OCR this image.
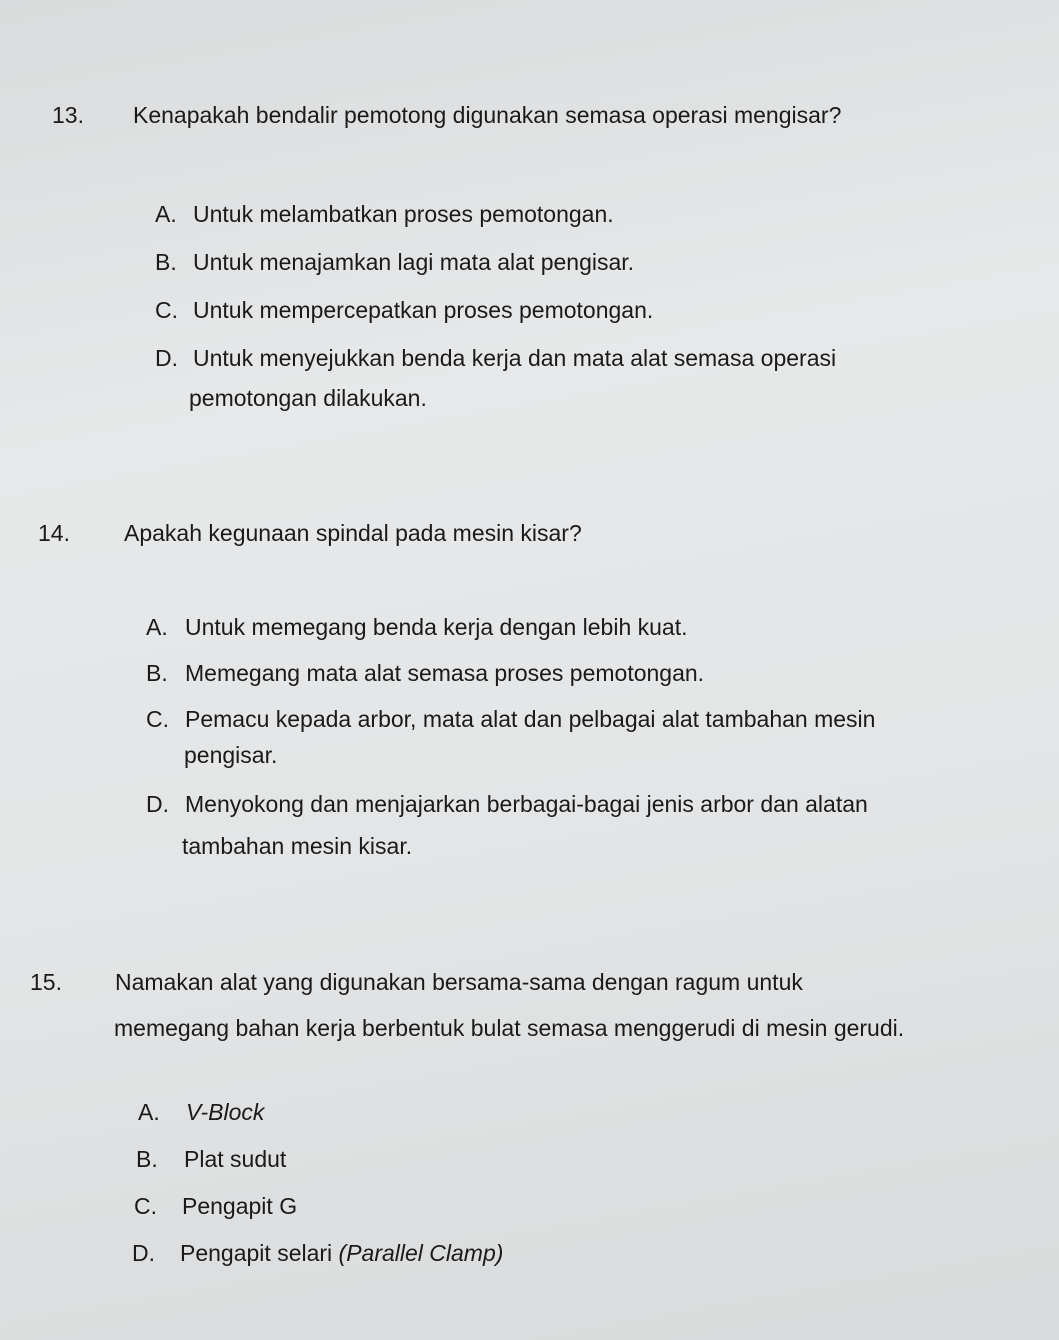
13. Kenapakah bendalir pemotong digunakan semasa operasi mengisar?
A. Untuk melambatkan proses pemotongan.
B. Untuk menajamkan lagi mata alat pengisar.
C. Untuk mempercepatkan proses pemotongan.
D. Untuk menyejukkan benda kerja dan mata alat semasa operasi
pemotongan dilakukan.
14. Apakah kegunaan spindal pada mesin kisar?
A. Untuk memegang benda kerja dengan lebih kuat.
B. Memegang mata alat semasa proses pemotongan.
C. Pemacu kepada arbor, mata alat dan pelbagai alat tambahan mesin
pengisar.
D. Menyokong dan menjajarkan berbagai-bagai jenis arbor dan alatan
tambahan mesin kisar.
15. Namakan alat yang digunakan bersama-sama dengan ragum untuk
memegang bahan kerja berbentuk bulat semasa menggerudi di mesin gerudi.
A. V-Block
B. Plat sudut
C. Pengapit G
D. Pengapit selari (Parallel Clamp)
